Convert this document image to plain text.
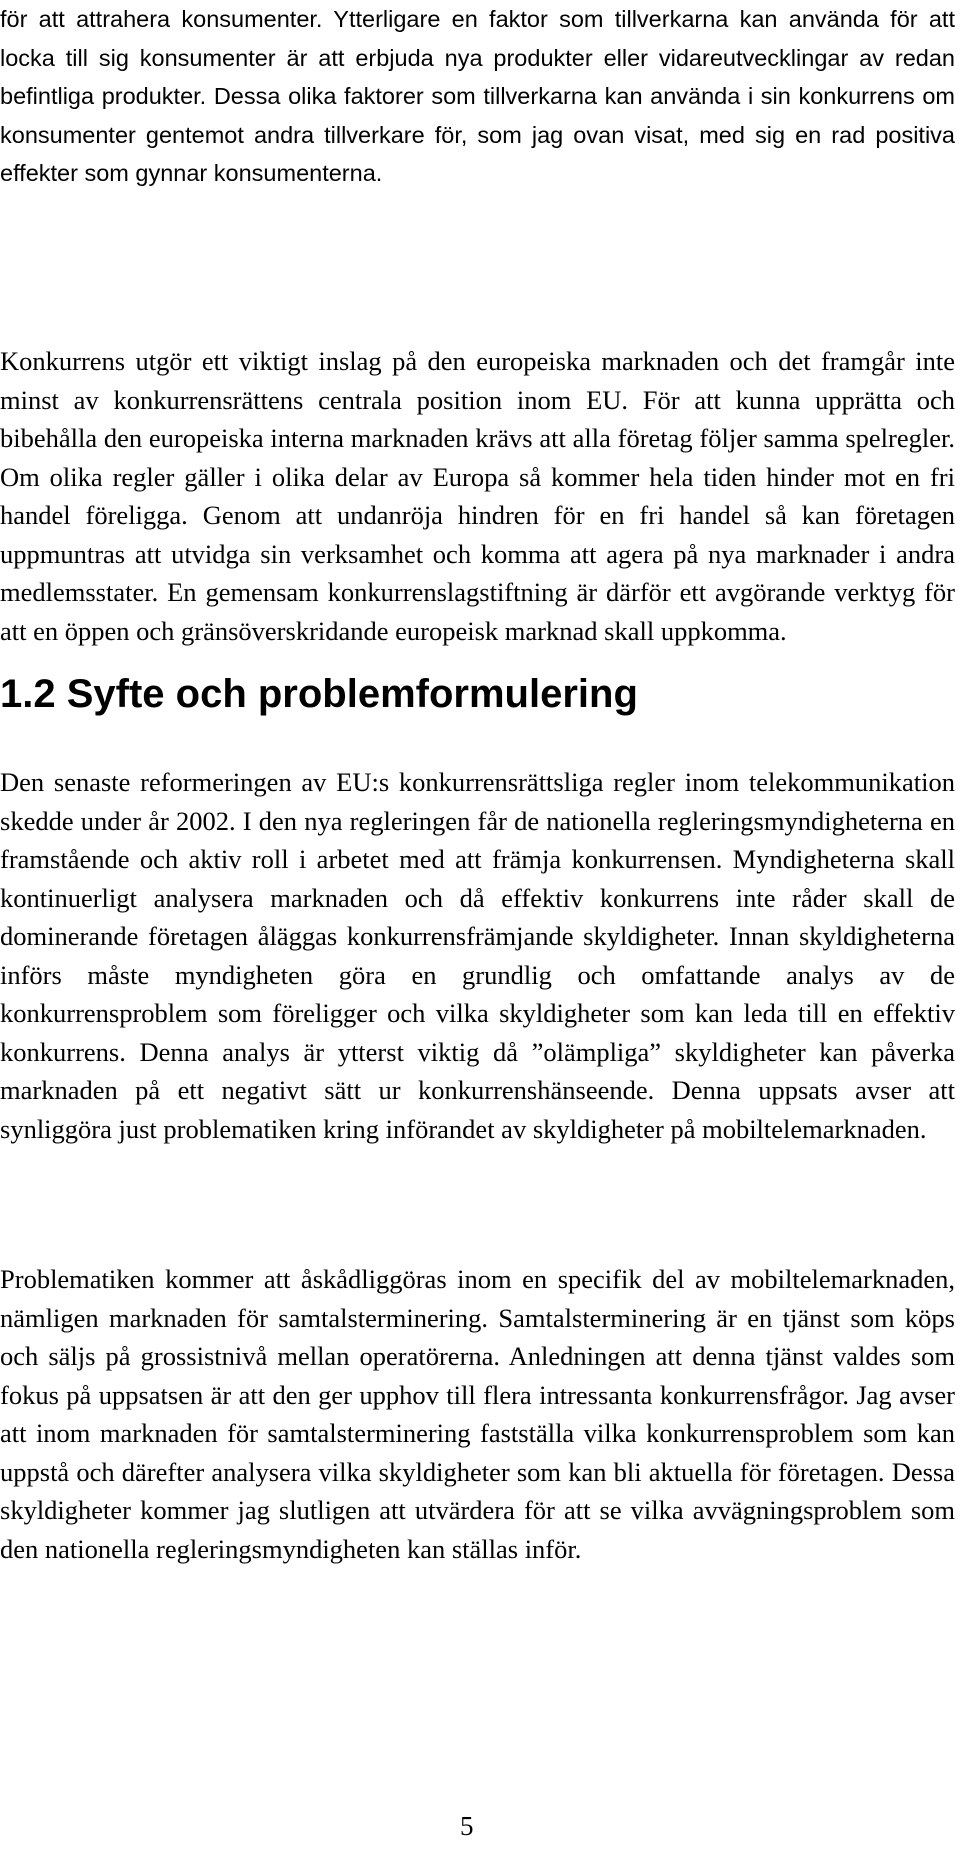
för att attrahera konsumenter. Ytterligare en faktor som tillverkarna kan använda för att locka till sig konsumenter är att erbjuda nya produkter eller vidareutvecklingar av redan befintliga produkter. Dessa olika faktorer som tillverkarna kan använda i sin konkurrens om konsumenter gentemot andra tillverkare för, som jag ovan visat, med sig en rad positiva effekter som gynnar konsumenterna.

Konkurrens utgör ett viktigt inslag på den europeiska marknaden och det framgår inte minst av konkurrensrättens centrala position inom EU. För att kunna upprätta och bibehålla den europeiska interna marknaden krävs att alla företag följer samma spelregler. Om olika regler gäller i olika delar av Europa så kommer hela tiden hinder mot en fri handel föreligga. Genom att undanröja hindren för en fri handel så kan företagen uppmuntras att utvidga sin verksamhet och komma att agera på nya marknader i andra medlemsstater. En gemensam konkurrenslagstiftning är därför ett avgörande verktyg för att en öppen och gränsöverskridande europeisk marknad skall uppkomma.

1.2 Syfte och problemformulering

Den senaste reformeringen av EU:s konkurrensrättsliga regler inom telekommunikation skedde under år 2002. I den nya regleringen får de nationella regleringsmyndigheterna en framstående och aktiv roll i arbetet med att främja konkurrensen. Myndigheterna skall kontinuerligt analysera marknaden och då effektiv konkurrens inte råder skall de dominerande företagen åläggas konkurrensfrämjande skyldigheter. Innan skyldigheterna införs måste myndigheten göra en grundlig och omfattande analys av de konkurrensproblem som föreligger och vilka skyldigheter som kan leda till en effektiv konkurrens. Denna analys är ytterst viktig då ”olämpliga” skyldigheter kan påverka marknaden på ett negativt sätt ur konkurrenshänseende. Denna uppsats avser att synliggöra just problematiken kring införandet av skyldigheter på mobiltelemarknaden.

Problematiken kommer att åskådliggöras inom en specifik del av mobiltelemarknaden, nämligen marknaden för samtalsterminering. Samtalsterminering är en tjänst som köps och säljs på grossistnivå mellan operatörerna. Anledningen att denna tjänst valdes som fokus på uppsatsen är att den ger upphov till flera intressanta konkurrensfrågor. Jag avser att inom marknaden för samtalsterminering fastställa vilka konkurrensproblem som kan uppstå och därefter analysera vilka skyldigheter som kan bli aktuella för företagen. Dessa skyldigheter kommer jag slutligen att utvärdera för att se vilka avvägningsproblem som den nationella regleringsmyndigheten kan ställas inför.

5
